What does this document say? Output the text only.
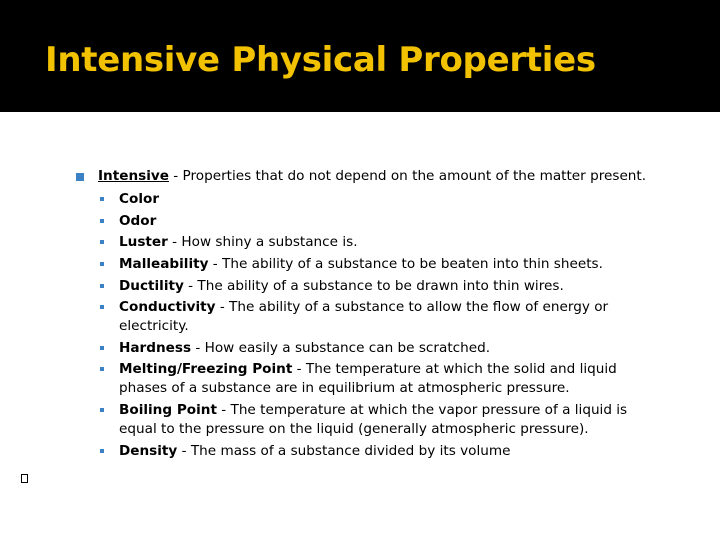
Intensive Physical Properties
Intensive - Properties that do not depend on the amount of the matter present.
Color
Odor
Luster - How shiny a substance is.
Malleability - The ability of a substance to be beaten into thin sheets.
Ductility - The ability of a substance to be drawn into thin wires.
Conductivity - The ability of a substance to allow the flow of energy or electricity.
Hardness - How easily a substance can be scratched.
Melting/Freezing Point - The temperature at which the solid and liquid phases of a substance are in equilibrium at atmospheric pressure.
Boiling Point - The temperature at which the vapor pressure of a liquid is equal to the pressure on the liquid (generally atmospheric pressure).
Density - The mass of a substance divided by its volume
